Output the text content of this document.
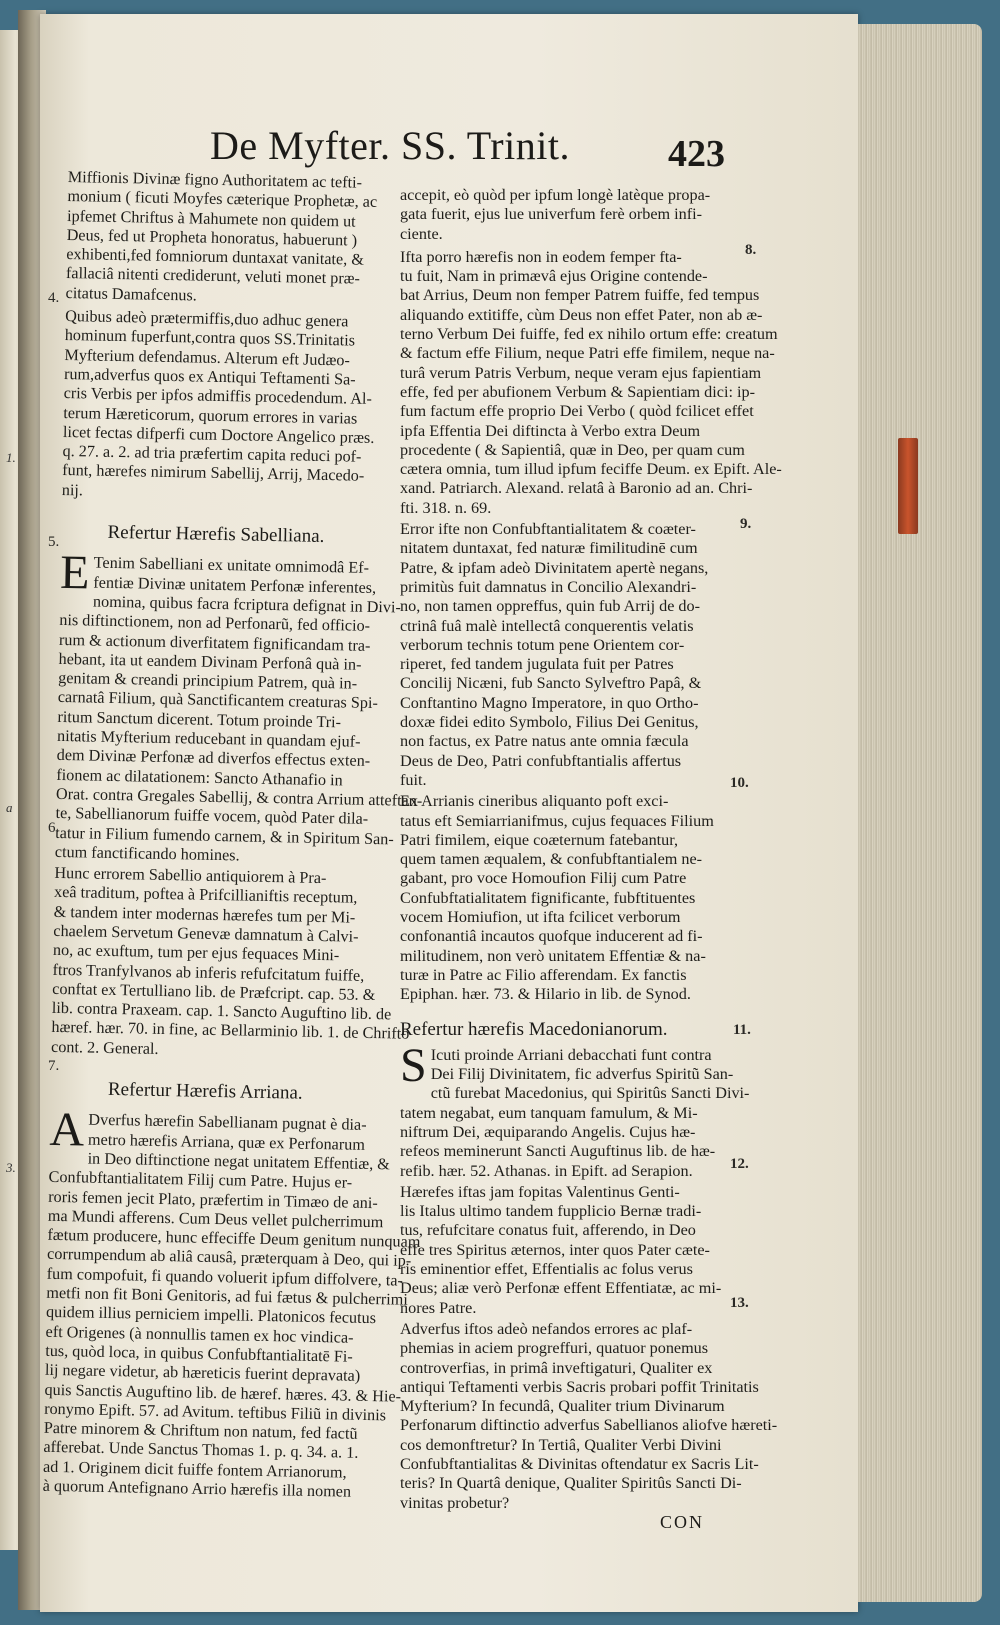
1.
a
3.
De Myfter. SS. Trinit.	423

Miffionis Divinæ figno Authoritatem ac tefti-
monium ( ficuti Moyfes cæterique Prophetæ, ac
ipfemet Chriftus à Mahumete non quidem ut
Deus, fed ut Propheta honoratus, habuerunt )
exhibenti,fed fomniorum duntaxat vanitate, &
fallaciâ nitenti crediderunt, veluti monet præ-
citatus Damafcenus.

Quibus adeò prætermiffis,duo adhuc genera
hominum fuperfunt,contra quos SS.Trinitatis
Myfterium defendamus. Alterum eft Judæo-
rum,adverfus quos ex Antiqui Teftamenti Sa-
cris Verbis per ipfos admiffis procedendum. Al-
terum Hæreticorum, quorum errores in varias
licet fectas difperfi cum Doctore Angelico præs.
q. 27. a. 2. ad tria præfertim capita reduci pof-
funt, hærefes nimirum Sabellij, Arrij, Macedo-
nij.

Refertur Hærefis Sabelliana.

E Tenim Sabelliani ex unitate omnimodâ Ef-
fentiæ Divinæ unitatem Perfonæ inferentes,
nomina, quibus facra fcriptura defignat in Divi-
nis diftinctionem, non ad Perfonarũ, fed officio-
rum & actionum diverfitatem fignificandam tra-
hebant, ita ut eandem Divinam Perfonâ quà in-
genitam & creandi principium Patrem, quà in-
carnatâ Filium, quà Sanctificantem creaturas Spi-
ritum Sanctum dicerent. Totum proinde Tri-
nitatis Myfterium reducebant in quandam ejuf-
dem Divinæ Perfonæ ad diverfos effectus exten-
fionem ac dilatationem: Sancto Athanafio in
Orat. contra Gregales Sabellij, & contra Arrium atteftan-
te, Sabellianorum fuiffe vocem, quòd Pater dila-
tatur in Filium fumendo carnem, & in Spiritum San-
ctum fanctificando homines.

Hunc errorem Sabellio antiquiorem à Pra-
xeâ traditum, poftea à Prifcillianiftis receptum,
& tandem inter modernas hærefes tum per Mi-
chaelem Servetum Genevæ damnatum à Calvi-
no, ac exuftum, tum per ejus fequaces Mini-
ftros Tranfylvanos ab inferis refufcitatum fuiffe,
conftat ex Tertulliano lib. de Præfcript. cap. 53. &
lib. contra Praxeam. cap. 1. Sancto Auguftino lib. de
hæref. hær. 70. in fine, ac Bellarminio lib. 1. de Chrifto
cont. 2. General.

Refertur Hærefis Arriana.

A Dverfus hærefin Sabellianam pugnat è dia-
metro hærefis Arriana, quæ ex Perfonarum
in Deo diftinctione negat unitatem Effentiæ, &
Confubftantialitatem Filij cum Patre. Hujus er-
roris femen jecit Plato, præfertim in Timæo de ani-
ma Mundi afferens. Cum Deus vellet pulcherrimum
fætum producere, hunc effeciffe Deum genitum nunquam
corrumpendum ab aliâ causâ, præterquam à Deo, qui ip-
fum compofuit, fi quando voluerit ipfum diffolvere, ta-
metfi non fit Boni Genitoris, ad fui fætus & pulcherrimi
quidem illius perniciem impelli. Platonicos fecutus
eft Origenes (à nonnullis tamen ex hoc vindica-
tus, quòd loca, in quibus Confubftantialitatē Fi-
lij negare videtur, ab hæreticis fuerint depravata)
quis Sanctis Auguftino lib. de hæref. hæres. 43. & Hie-
ronymo Epift. 57. ad Avitum. teftibus Filiũ in divinis
Patre minorem & Chriftum non natum, fed factũ
afferebat. Unde Sanctus Thomas 1. p. q. 34. a. 1.
ad 1. Originem dicit fuiffe fontem Arrianorum,
à quorum Antefignano Arrio hærefis illa nomen

4.
5.
6.
7.

accepit, eò quòd per ipfum longè latèque propa-
gata fuerit, ejus lue univerfum ferè orbem infi-
ciente.

Ifta porro hærefis non in eodem femper fta-
tu fuit, Nam in primævâ ejus Origine contende-
bat Arrius, Deum non femper Patrem fuiffe, fed tempus
aliquando extitiffe, cùm Deus non effet Pater, non ab æ-
terno Verbum Dei fuiffe, fed ex nihilo ortum effe: creatum
& factum effe Filium, neque Patri effe fimilem, neque na-
turâ verum Patris Verbum, neque veram ejus fapientiam
effe, fed per abufionem Verbum & Sapientiam dici: ip-
fum factum effe proprio Dei Verbo ( quòd fcilicet effet
ipfa Effentia Dei diftincta à Verbo extra Deum
procedente ( & Sapientiâ, quæ in Deo, per quam cum
cætera omnia, tum illud ipfum feciffe Deum. ex Epift. Ale-
xand. Patriarch. Alexand. relatâ à Baronio ad an. Chri-
fti. 318. n. 69.

Error ifte non Confubftantialitatem & coæter-
nitatem duntaxat, fed naturæ fimilitudinē cum
Patre, & ipfam adeò Divinitatem apertè negans,
primitùs fuit damnatus in Concilio Alexandri-
no, non tamen oppreffus, quin fub Arrij de do-
ctrinâ fuâ malè intellectâ conquerentis velatis
verborum technis totum pene Orientem cor-
riperet, fed tandem jugulata fuit per Patres
Concilij Nicæni, fub Sancto Sylveftro Papâ, &
Conftantino Magno Imperatore, in quo Ortho-
doxæ fidei edito Symbolo, Filius Dei Genitus,
non factus, ex Patre natus ante omnia fæcula
Deus de Deo, Patri confubftantialis affertus
fuit.

Ex Arrianis cineribus aliquanto poft exci-
tatus eft Semiarrianifmus, cujus fequaces Filium
Patri fimilem, eique coæternum fatebantur,
quem tamen æqualem, & confubftantialem ne-
gabant, pro voce Homoufion Filij cum Patre
Confubftatialitatem fignificante, fubftituentes
vocem Homiufion, ut ifta fcilicet verborum
confonantiâ incautos quofque inducerent ad fi-
militudinem, non verò unitatem Effentiæ & na-
turæ in Patre ac Filio afferendam. Ex fanctis
Epiphan. hær. 73. & Hilario in lib. de Synod.

Refertur hærefis Macedonianorum.

S Icuti proinde Arriani debacchati funt contra
Dei Filij Divinitatem, fic adverfus Spiritũ San-
ctũ furebat Macedonius, qui Spiritûs Sancti Divi-
tatem negabat, eum tanquam famulum, & Mi-
niftrum Dei, æquiparando Angelis. Cujus hæ-
refeos meminerunt Sancti Auguftinus lib. de hæ-
refib. hær. 52. Athanas. in Epift. ad Serapion.

Hærefes iftas jam fopitas Valentinus Genti-
lis Italus ultimo tandem fupplicio Bernæ tradi-
tus, refufcitare conatus fuit, afferendo, in Deo
effe tres Spiritus æternos, inter quos Pater cæte-
ris eminentior effet, Effentialis ac folus verus
Deus; aliæ verò Perfonæ effent Effentiatæ, ac mi-
nores Patre.

Adverfus iftos adeò nefandos errores ac plaf-
phemias in aciem progreffuri, quatuor ponemus
controverfias, in primâ inveftigaturi, Qualiter ex
antiqui Teftamenti verbis Sacris probari poffit Trinitatis
Myfterium? In fecundâ, Qualiter trium Divinarum
Perfonarum diftinctio adverfus Sabellianos aliofve hæreti-
cos demonftretur? In Tertiâ, Qualiter Verbi Divini
Confubftantialitas & Divinitas oftendatur ex Sacris Lit-
teris? In Quartâ denique, Qualiter Spiritûs Sancti Di-
vinitas probetur?

8.
9.
10.
11.
12.
13.
CON
